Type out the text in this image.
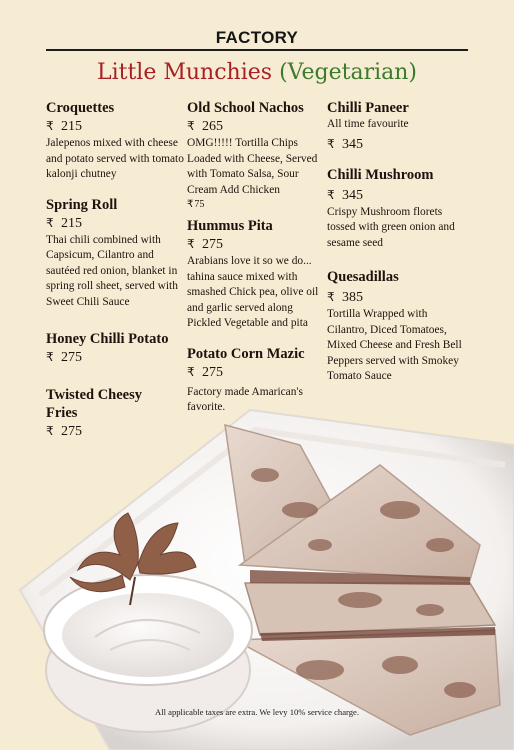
FACTORY
Little Munchies (Vegetarian)

Croquettes

₹ 215

Jalepenos mixed with cheese and potato served with tomato kalonji chutney

Spring Roll

₹ 215

Thai chili combined with Capsicum, Cilantro and sautéed red onion, blanket in spring roll sheet, served with Sweet Chili Sauce

Honey Chilli Potato

₹ 275

Twisted Cheesy Fries

₹ 275

Old School Nachos

₹ 265

OMG!!!!! Tortilla Chips Loaded with Cheese, Served with Tomato Salsa, Sour Cream Add Chicken

₹75

Hummus Pita

₹ 275

Arabians love it so we do... tahina sauce mixed with smashed Chick pea, olive oil and garlic served along Pickled Vegetable and pita

Potato Corn Mazic

₹ 275

Factory made Amarican's favorite.

Chilli Paneer

All time favourite

₹ 345

Chilli Mushroom

₹ 345

Crispy Mushroom florets tossed with green onion and sesame seed

Quesadillas

₹ 385

Tortilla Wrapped with Cilantro, Diced Tomatoes, Mixed Cheese and Fresh Bell Peppers served with Smokey Tomato Sauce

All applicable taxes are extra. We levy 10% service charge.
